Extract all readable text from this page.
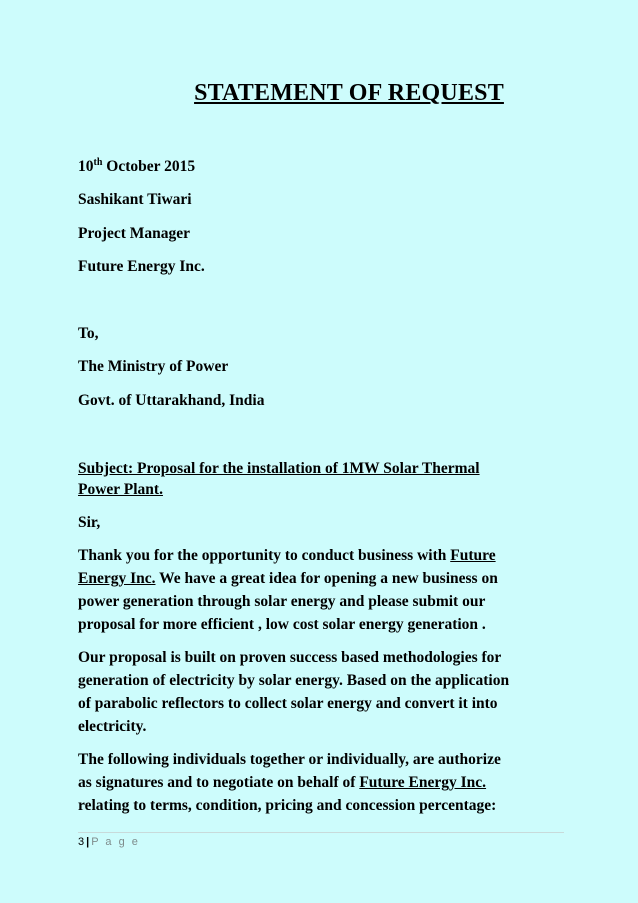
STATEMENT OF REQUEST
10th October 2015
Sashikant Tiwari
Project Manager
Future Energy Inc.
To,
The Ministry of Power
Govt. of Uttarakhand, India
Subject: Proposal for the installation of 1MW Solar Thermal
Power Plant.
Sir,
Thank you for the opportunity to conduct business with Future
Energy Inc. We have a great idea for opening a new business on
power generation through solar energy and please submit our
proposal for more efficient , low cost solar energy generation .
Our proposal is built on proven success based methodologies for
generation of electricity by solar energy. Based on the application
of parabolic reflectors to collect solar energy and convert it into
electricity.
The following individuals together or individually, are authorize
as signatures and to negotiate on behalf of Future Energy Inc.
relating to terms, condition, pricing and concession percentage:
3 | P a g e
